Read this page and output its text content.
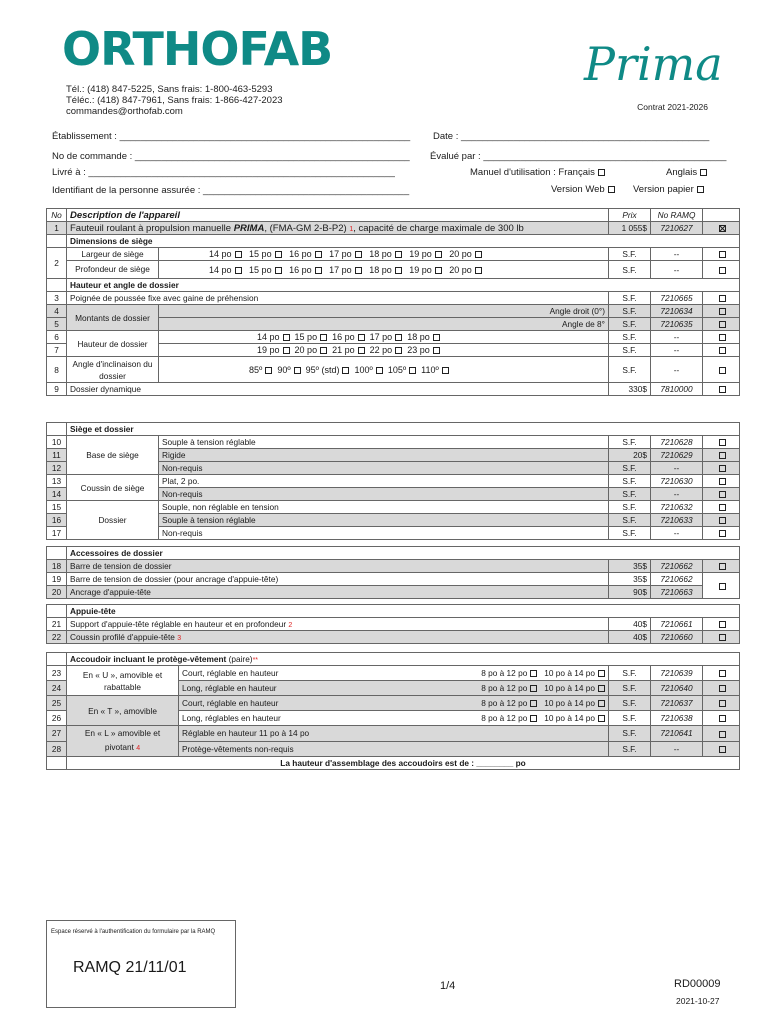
ORTHOFAB
Tél.: (418) 847-5225, Sans frais: 1-800-463-5293
Téléc.: (418) 847-7961, Sans frais: 1-866-427-2023
commandes@orthofab.com
Prima
Contrat 2021-2026
Établissement : _______________________________________________________ Date : _______________________________________________
No de commande : ____________________________________________________ Évalué par : ______________________________________________
Livré à : __________________________________________________________	Manuel d'utilisation : Français	Anglais
Identifiant de la personne assurée : _______________________________________	Version Web	Version papier
No	Description de l'appareil		Prix	No RAMQ	
1	Fauteuil roulant à propulsion manuelle PRIMA, (FMA-GM 2-B-P2) 1, capacité de charge maximale de 300 lb		1 055$	7210627	
	Dimensions de siège				
2	Largeur de siège	14 po 15 po 16 po 17 po 18 po 19 po 20 po	S.F.	--	
	Profondeur de siège	14 po 15 po 16 po 17 po 18 po 19 po 20 po	S.F.	--	
	Hauteur et angle de dossier				
3	Poignée de poussée fixe avec gaine de préhension		S.F.	7210665	
4	Montants de dossier	Angle droit (0°)	S.F.	7210634	
5		Angle de 8°	S.F.	7210635	
6	Hauteur de dossier	14 po 15 po 16 po 17 po 18 po	S.F.	--	
7		19 po 20 po 21 po 22 po 23 po	S.F.	--	
8	Angle d'inclinaison du dossier	85º 90º 95º (std) 100º 105º 110º	S.F.	--	
9	Dossier dynamique		330$	7810000	
	Siège et dossier				
10	Base de siège	Souple à tension réglable	S.F.	7210628	
11		Rigide	20$	7210629	
12		Non-requis	S.F.	--	
13	Coussin de siège	Plat, 2 po.	S.F.	7210630	
14		Non-requis	S.F.	--	
15	Dossier	Souple, non réglable en tension	S.F.	7210632	
16		Souple à tension réglable	S.F.	7210633	
17		Non-requis	S.F.	--	
	Accessoires de dossier			
18	Barre de tension de dossier	35$	7210662	
19	Barre de tension de dossier (pour ancrage d'appuie-tête)	35$	7210662	
20	Ancrage d'appuie-tête	90$	7210663	
	Appuie-tête			
21	Support d'appuie-tête réglable en hauteur et en profondeur 2	40$	7210661	
22	Coussin profilé d'appuie-tête 3	40$	7210660	
	Accoudoir incluant le protège-vêtement (paire)**				
23	En « U », amovible et rabattable	Court, réglable en hauteur 8 po à 12 po 10 po à 14 po	S.F.	7210639	
24		Long, réglable en hauteur 8 po à 12 po 10 po à 14 po	S.F.	7210640	
25	En « T », amovible	Court, réglable en hauteur 8 po à 12 po 10 po à 14 po	S.F.	7210637	
26		Long, réglables en hauteur 8 po à 12 po 10 po à 14 po	S.F.	7210638	
27	En « L » amovible et pivotant 4	Réglable en hauteur 11 po à 14 po	S.F.	7210641	
28		Protège-vêtements non-requis	S.F.	--	
	La hauteur d'assemblage des accoudoirs est de : ________ po				
Espace réservé à l'authentification du formulaire par la RAMQ
RAMQ 21/11/01
1/4	RD00009
2021-10-27
